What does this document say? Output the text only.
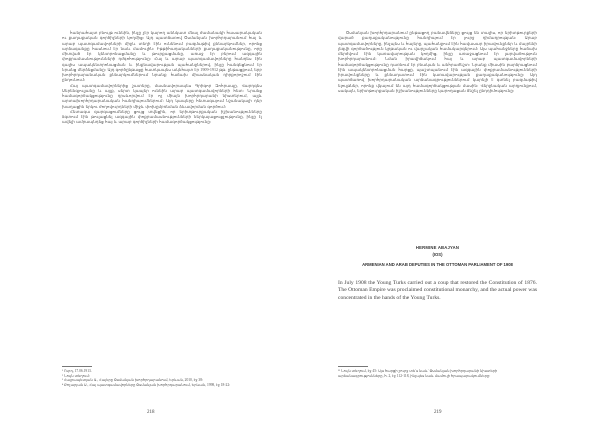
հանրահայտ բնույթ ունեին, ինչը չէր կարող աննկատ մնալ ժամանակի հասարակական ու քաղաքական գործիչների կողմից։ Այդ պատճառով Օսմանյան խորհրդարանում հայ և արաբ պատգամավորների միջև տեղի էին ունենում բազմաթիվ քննարկումներ, որոնց արձագանքը հասնում էր նաև մամուլին։ Իթթիհադականների քաղաքականությունը, որը միտված էր կենտրոնացմանը և թուրքացմանը, առաջ էր բերում ազգային փոքրամասնությունների դժգոհությունը։ Հայ և արաբ պատգամավորները հանդես էին գալիս ապակենտրոնացման և ինքնավարության պահանջներով, ինչը հանգեցնում էր նրանց մերձեցմանը։ Այդ գործընթացը հատկապես ակնհայտ էր 1909-1912 թթ. ընթացքում, երբ խորհրդարանական քննարկումներում նրանք հաճախ միասնական դիրքորոշում էին ընդունում։

Հայ պատգամավորներից շատերը, մասնավորապես Գրիգոր Զոհրապը, Վարդգես Սերենգյուլյանը և այլք, սերտ կապեր ունեին արաբ պատգամավորների հետ։ Նրանց համագործակցությունը դրսևորվում էր ոչ միայն խորհրդարանի նիստերում, այլև արտախորհրդարանական հանդիպումներում։ Այդ կապերը հետագայում նշանակալի դեր խաղացին երկու ժողովուրդների միջև փոխըմբռնման ձևավորման գործում։

Հետագա զարգացումները ցույց տվեցին, որ երիտթուրքական իշխանությունները ձգտում էին թուլացնել ազգային փոքրամասնությունների ներկայացուցչությունը, ինչը էլ ավելի ամրապնդեց հայ և արաբ գործիչների համագործակցությունը։

¹ Ուրդ, 17.06.1913.

² Նույն տեղում։

³ Հայրապետյան Ա., Հայերը Օսմանյան խորհրդարանում, Երևան, 2010, էջ 38։

⁴ Քոչարյան Ս., Հայ պատգամավորները Օսմանյան խորհրդարանում, Երևան, 1998, էջ 18-22։

218

Օսմանյան խորհրդարանում ընթացող բանավեճերը ցույց են տալիս, որ երիտթուրքերի վարած քաղաքականությունը հանդիպում էր լուրջ դիմադրության։ Արաբ պատգամավորները, ինչպես և հայերը, պահանջում էին հավասար իրավունքներ և մայրենի լեզվի գործածություն կրթական ու վարչական համակարգերում։ Այս պահանջները հաճախ մերժվում էին կառավարության կողմից, ինչը առաջացնում էր լարվածություն խորհրդարանում։ Նման իրավիճակում հայ և արաբ պատգամավորների համագործակցությունը դառնում էր բնական և անհրաժեշտ։ Նրանք միասին բարձրացնում էին ապակենտրոնացման հարցը, պաշտպանում էին ազգային փոքրամասնությունների իրավունքները և քննադատում էին կառավարության քաղաքականությունը։ Այդ պատճառով խորհրդարանական արձանագրություններում կարելի է գտնել բազմաթիվ ելույթներ, որոնք վկայում են այդ համագործակցության մասին։ Վերջնական արդյունքում, սակայն, երիտթուրքական իշխանությունները կարողացան ճնշել ընդդիմությունը։

HERMINE ABAJYAN
(IOS)
ARMENIAN AND ARAB DEPUTIES IN THE OTTOMAN PARLIAMENT OF 1908
In July 1908 the Young Turks carried out a coup that restored the Constitution of 1876. The Ottoman Empire was proclaimed constitutional monarchy, and the actual power was concentrated in the hands of the Young Turks.

¹¹ Նույն տեղում, էջ 45։ Այս հարցի շուրջ տե՛ս նաև՝ Օսմանյան խորհրդարանի նիստերի արձանագրությունները, հ. 2, էջ 112-118, ինչպես նաև մամուլի հրապարակումները։

219
